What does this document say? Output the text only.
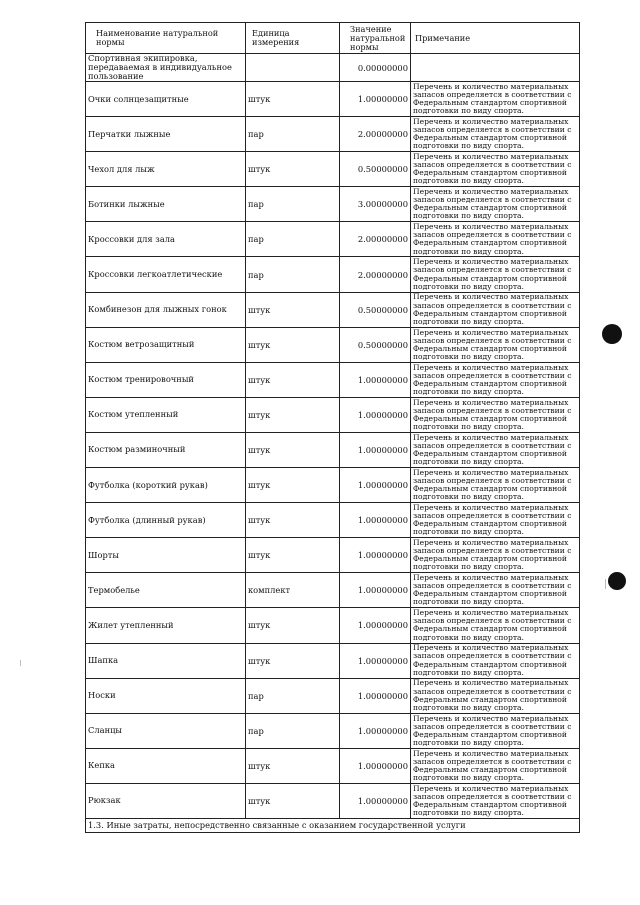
Наименование натуральной нормы	Единица измерения	Значение натуральной нормы	Примечание
Спортивная экипировка, передаваемая в индивидуальное пользование		0.00000000	
Очки солнцезащитные	штук	1.00000000	Перечень и количество материальных запасов определяется в соответствии с Федеральным стандартом спортивной подготовки по виду спорта.
Перчатки лыжные	пар	2.00000000	Перечень и количество материальных запасов определяется в соответствии с Федеральным стандартом спортивной подготовки по виду спорта.
Чехол для лыж	штук	0.50000000	Перечень и количество материальных запасов определяется в соответствии с Федеральным стандартом спортивной подготовки по виду спорта.
Ботинки лыжные	пар	3.00000000	Перечень и количество материальных запасов определяется в соответствии с Федеральным стандартом спортивной подготовки по виду спорта.
Кроссовки для зала	пар	2.00000000	Перечень и количество материальных запасов определяется в соответствии с Федеральным стандартом спортивной подготовки по виду спорта.
Кроссовки легкоатлетические	пар	2.00000000	Перечень и количество материальных запасов определяется в соответствии с Федеральным стандартом спортивной подготовки по виду спорта.
Комбинезон для лыжных гонок	штук	0.50000000	Перечень и количество материальных запасов определяется в соответствии с Федеральным стандартом спортивной подготовки по виду спорта.
Костюм ветрозащитный	штук	0.50000000	Перечень и количество материальных запасов определяется в соответствии с Федеральным стандартом спортивной подготовки по виду спорта.
Костюм тренировочный	штук	1.00000000	Перечень и количество материальных запасов определяется в соответствии с Федеральным стандартом спортивной подготовки по виду спорта.
Костюм утепленный	штук	1.00000000	Перечень и количество материальных запасов определяется в соответствии с Федеральным стандартом спортивной подготовки по виду спорта.
Костюм разминочный	штук	1.00000000	Перечень и количество материальных запасов определяется в соответствии с Федеральным стандартом спортивной подготовки по виду спорта.
Футболка (короткий рукав)	штук	1.00000000	Перечень и количество материальных запасов определяется в соответствии с Федеральным стандартом спортивной подготовки по виду спорта.
Футболка (длинный рукав)	штук	1.00000000	Перечень и количество материальных запасов определяется в соответствии с Федеральным стандартом спортивной подготовки по виду спорта.
Шорты	штук	1.00000000	Перечень и количество материальных запасов определяется в соответствии с Федеральным стандартом спортивной подготовки по виду спорта.
Термобелье	комплект	1.00000000	Перечень и количество материальных запасов определяется в соответствии с Федеральным стандартом спортивной подготовки по виду спорта.
Жилет утепленный	штук	1.00000000	Перечень и количество материальных запасов определяется в соответствии с Федеральным стандартом спортивной подготовки по виду спорта.
Шапка	штук	1.00000000	Перечень и количество материальных запасов определяется в соответствии с Федеральным стандартом спортивной подготовки по виду спорта.
Носки	пар	1.00000000	Перечень и количество материальных запасов определяется в соответствии с Федеральным стандартом спортивной подготовки по виду спорта.
Сланцы	пар	1.00000000	Перечень и количество материальных запасов определяется в соответствии с Федеральным стандартом спортивной подготовки по виду спорта.
Кепка	штук	1.00000000	Перечень и количество материальных запасов определяется в соответствии с Федеральным стандартом спортивной подготовки по виду спорта.
Рюкзак	штук	1.00000000	Перечень и количество материальных запасов определяется в соответствии с Федеральным стандартом спортивной подготовки по виду спорта.
1.3. Иные затраты, непосредственно связанные с оказанием государственной услуги			
